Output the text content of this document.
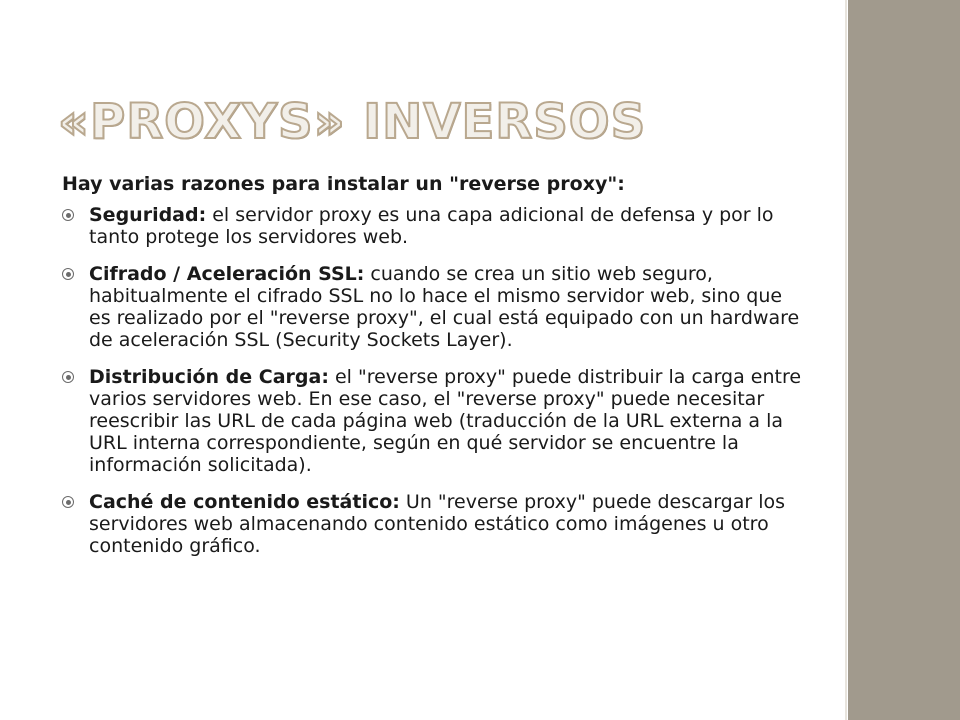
«PROXYS» INVERSOS

Hay varias razones para instalar un "reverse proxy":

Seguridad: el servidor proxy es una capa adicional de defensa y por lo tanto protege los servidores web.
Cifrado / Aceleración SSL: cuando se crea un sitio web seguro, habitualmente el cifrado SSL no lo hace el mismo servidor web, sino que es realizado por el "reverse proxy", el cual está equipado con un hardware de aceleración SSL (Security Sockets Layer).
Distribución de Carga: el "reverse proxy" puede distribuir la carga entre varios servidores web. En ese caso, el "reverse proxy" puede necesitar reescribir las URL de cada página web (traducción de la URL externa a la URL interna correspondiente, según en qué servidor se encuentre la información solicitada).
Caché de contenido estático: Un "reverse proxy" puede descargar los servidores web almacenando contenido estático como imágenes u otro contenido gráfico.
